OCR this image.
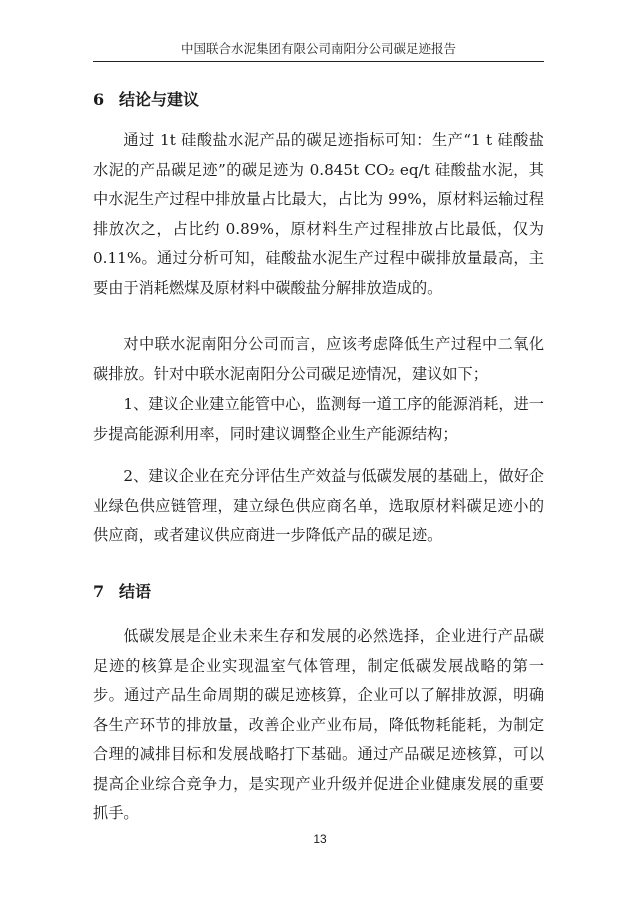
中国联合水泥集团有限公司南阳分公司碳足迹报告
6 结论与建议

通过 1t 硅酸盐水泥产品的碳足迹指标可知：生产“1 t 硅酸盐水泥的产品碳足迹”的碳足迹为 0.845t CO₂ eq/t 硅酸盐水泥，其中水泥生产过程中排放量占比最大，占比为 99%，原材料运输过程排放次之，占比约 0.89%，原材料生产过程排放占比最低，仅为 0.11%。通过分析可知，硅酸盐水泥生产过程中碳排放量最高，主要由于消耗燃煤及原材料中碳酸盐分解排放造成的。

对中联水泥南阳分公司而言，应该考虑降低生产过程中二氧化碳排放。针对中联水泥南阳分公司碳足迹情况，建议如下；

1、建议企业建立能管中心，监测每一道工序的能源消耗，进一步提高能源利用率，同时建议调整企业生产能源结构；

2、建议企业在充分评估生产效益与低碳发展的基础上，做好企业绿色供应链管理，建立绿色供应商名单，选取原材料碳足迹小的供应商，或者建议供应商进一步降低产品的碳足迹。

7 结语

低碳发展是企业未来生存和发展的必然选择，企业进行产品碳足迹的核算是企业实现温室气体管理，制定低碳发展战略的第一步。通过产品生命周期的碳足迹核算，企业可以了解排放源，明确各生产环节的排放量，改善企业产业布局，降低物耗能耗，为制定合理的减排目标和发展战略打下基础。通过产品碳足迹核算，可以提高企业综合竞争力，是实现产业升级并促进企业健康发展的重要抓手。

13
